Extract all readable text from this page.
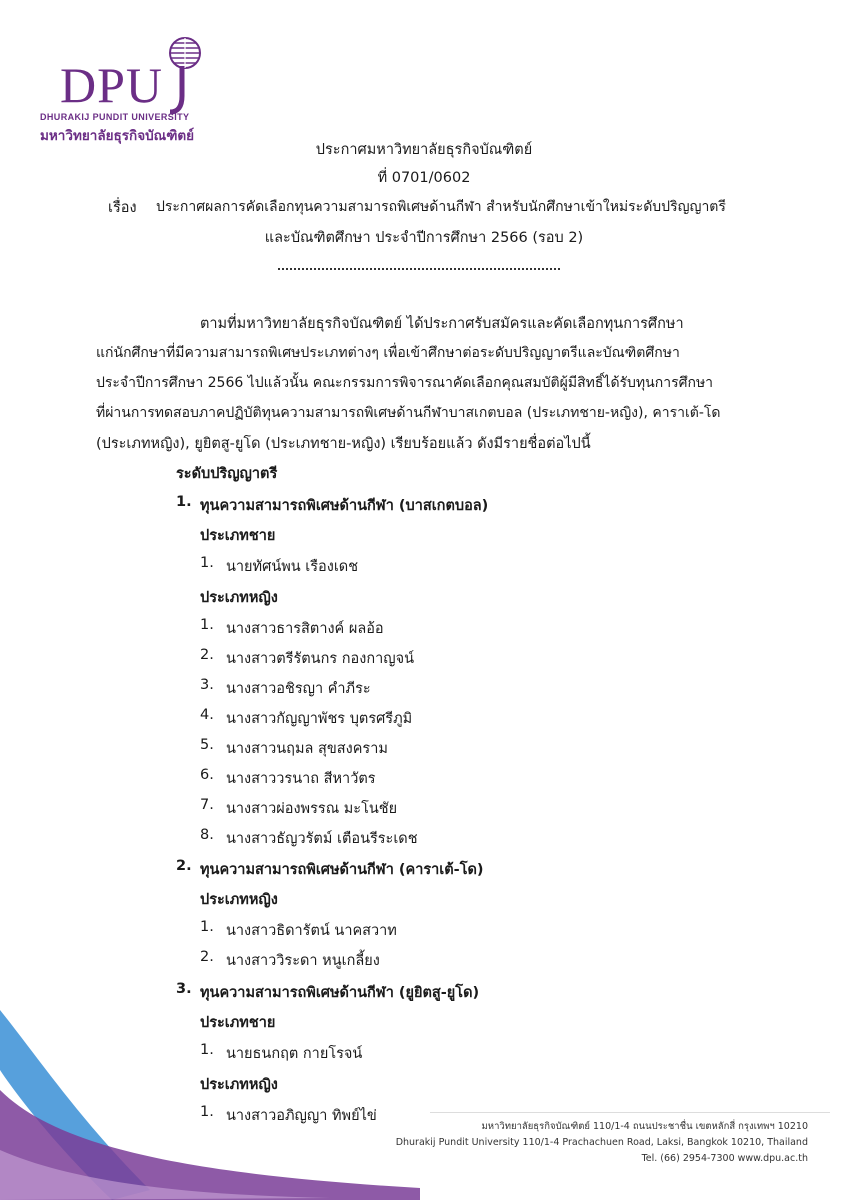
DPU
DHURAKIJ PUNDIT UNIVERSITY
มหาวิทยาลัยธุรกิจบัณฑิตย์
ประกาศมหาวิทยาลัยธุรกิจบัณฑิตย์
ที่ 0701/0602
เรื่อง ประกาศผลการคัดเลือกทุนความสามารถพิเศษด้านกีฬา สำหรับนักศึกษาเข้าใหม่ระดับปริญญาตรี
และบัณฑิตศึกษา ประจำปีการศึกษา 2566 (รอบ 2)
ตามที่มหาวิทยาลัยธุรกิจบัณฑิตย์ ได้ประกาศรับสมัครและคัดเลือกทุนการศึกษา
แก่นักศึกษาที่มีความสามารถพิเศษประเภทต่างๆ เพื่อเข้าศึกษาต่อระดับปริญญาตรีและบัณฑิตศึกษา
ประจำปีการศึกษา 2566 ไปแล้วนั้น คณะกรรมการพิจารณาคัดเลือกคุณสมบัติผู้มีสิทธิ์ได้รับทุนการศึกษา
ที่ผ่านการทดสอบภาคปฏิบัติทุนความสามารถพิเศษด้านกีฬาบาสเกตบอล (ประเภทชาย-หญิง), คาราเต้-โด
(ประเภทหญิง), ยูยิตสู-ยูโด (ประเภทชาย-หญิง) เรียบร้อยแล้ว ดังมีรายชื่อต่อไปนี้
ระดับปริญญาตรี
1. ทุนความสามารถพิเศษด้านกีฬา (บาสเกตบอล)
ประเภทชาย
1. นายทัศน์พน เรืองเดช
ประเภทหญิง
1. นางสาวธารสิตางค์ ผลอ้อ
2. นางสาวตรีรัตนกร กองกาญจน์
3. นางสาวอชิรญา คำภีระ
4. นางสาวกัญญาพัชร บุตรศรีภูมิ
5. นางสาวนฤมล สุขสงคราม
6. นางสาววรนาถ สีหาวัตร
7. นางสาวผ่องพรรณ มะโนชัย
8. นางสาวธัญวรัตม์ เตือนรีระเดช
2. ทุนความสามารถพิเศษด้านกีฬา (คาราเต้-โด)
ประเภทหญิง
1. นางสาวธิดารัตน์ นาคสวาท
2. นางสาววิระดา หนูเกลี้ยง
3. ทุนความสามารถพิเศษด้านกีฬา (ยูยิตสู-ยูโด)
ประเภทชาย
1. นายธนกฤต กายโรจน์
ประเภทหญิง
1. นางสาวอภิญญา ทิพย์ไข่
มหาวิทยาลัยธุรกิจบัณฑิตย์ 110/1-4 ถนนประชาชื่น เขตหลักสี่ กรุงเทพฯ 10210
Dhurakij Pundit University 110/1-4 Prachachuen Road, Laksi, Bangkok 10210, Thailand
Tel. (66) 2954-7300 www.dpu.ac.th
